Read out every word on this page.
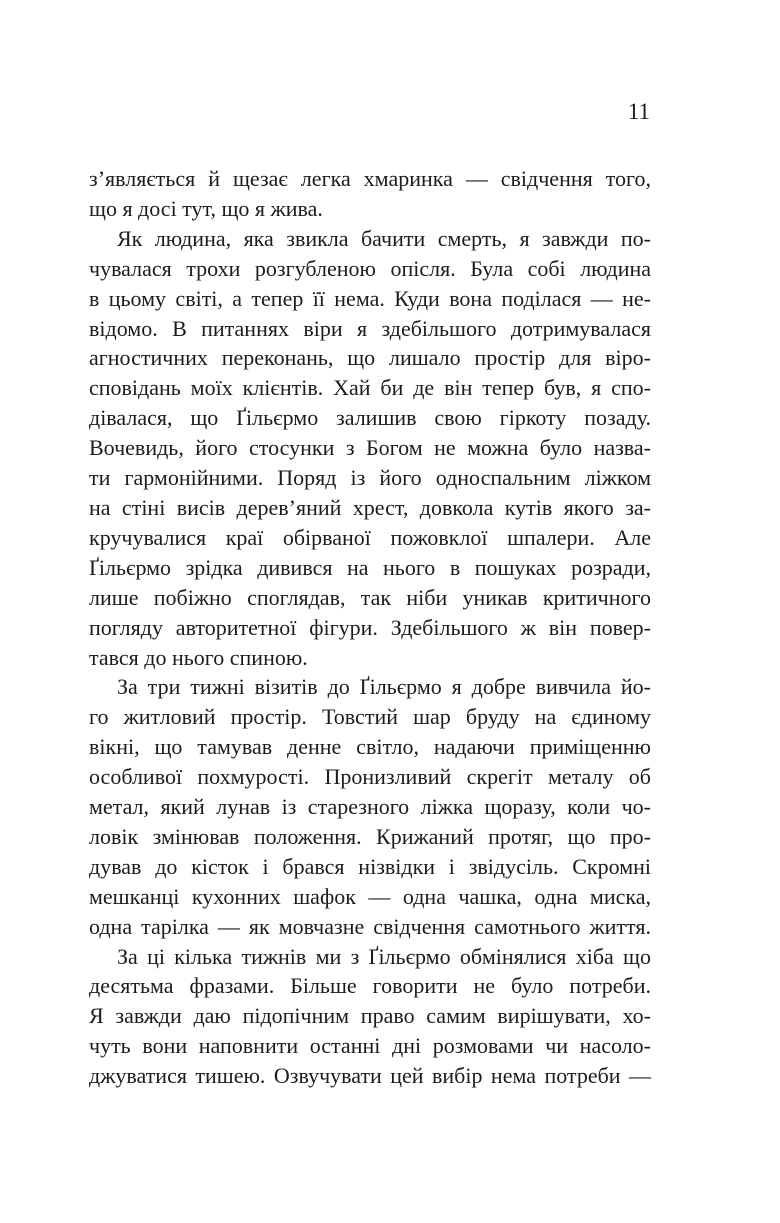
11
з’являється й щезає легка хмаринка — свідчення того,
що я досі тут, що я жива.
Як людина, яка звикла бачити смерть, я завжди по-
чувалася трохи розгубленою опісля. Була собі людина
в цьому світі, а тепер її нема. Куди вона поділася — не-
відомо. В питаннях віри я здебільшого дотримувалася
агностичних переконань, що лишало простір для віро-
сповідань моїх клієнтів. Хай би де він тепер був, я спо-
дівалася, що Ґільєрмо залишив свою гіркоту позаду.
Вочевидь, його стосунки з Богом не можна було назва-
ти гармонійними. Поряд із його односпальним ліжком
на стіні висів дерев’яний хрест, довкола кутів якого за-
кручувалися краї обірваної пожовклої шпалери. Але
Ґільєрмо зрідка дивився на нього в пошуках розради,
лише побіжно споглядав, так ніби уникав критичного
погляду авторитетної фігури. Здебільшого ж він повер-
тався до нього спиною.
За три тижні візитів до Ґільєрмо я добре вивчила йо-
го житловий простір. Товстий шар бруду на єдиному
вікні, що тамував денне світло, надаючи приміщенню
особливої похмурості. Пронизливий скрегіт металу об
метал, який лунав із старезного ліжка щоразу, коли чо-
ловік змінював положення. Крижаний протяг, що про-
дував до кісток і брався нізвідки і звідусіль. Скромні
мешканці кухонних шафок — одна чашка, одна миска,
одна тарілка — як мовчазне свідчення самотнього життя.
За ці кілька тижнів ми з Ґільєрмо обмінялися хіба що
десятьма фразами. Більше говорити не було потреби.
Я завжди даю підопічним право самим вирішувати, хо-
чуть вони наповнити останні дні розмовами чи насоло-
джуватися тишею. Озвучувати цей вибір нема потреби —
